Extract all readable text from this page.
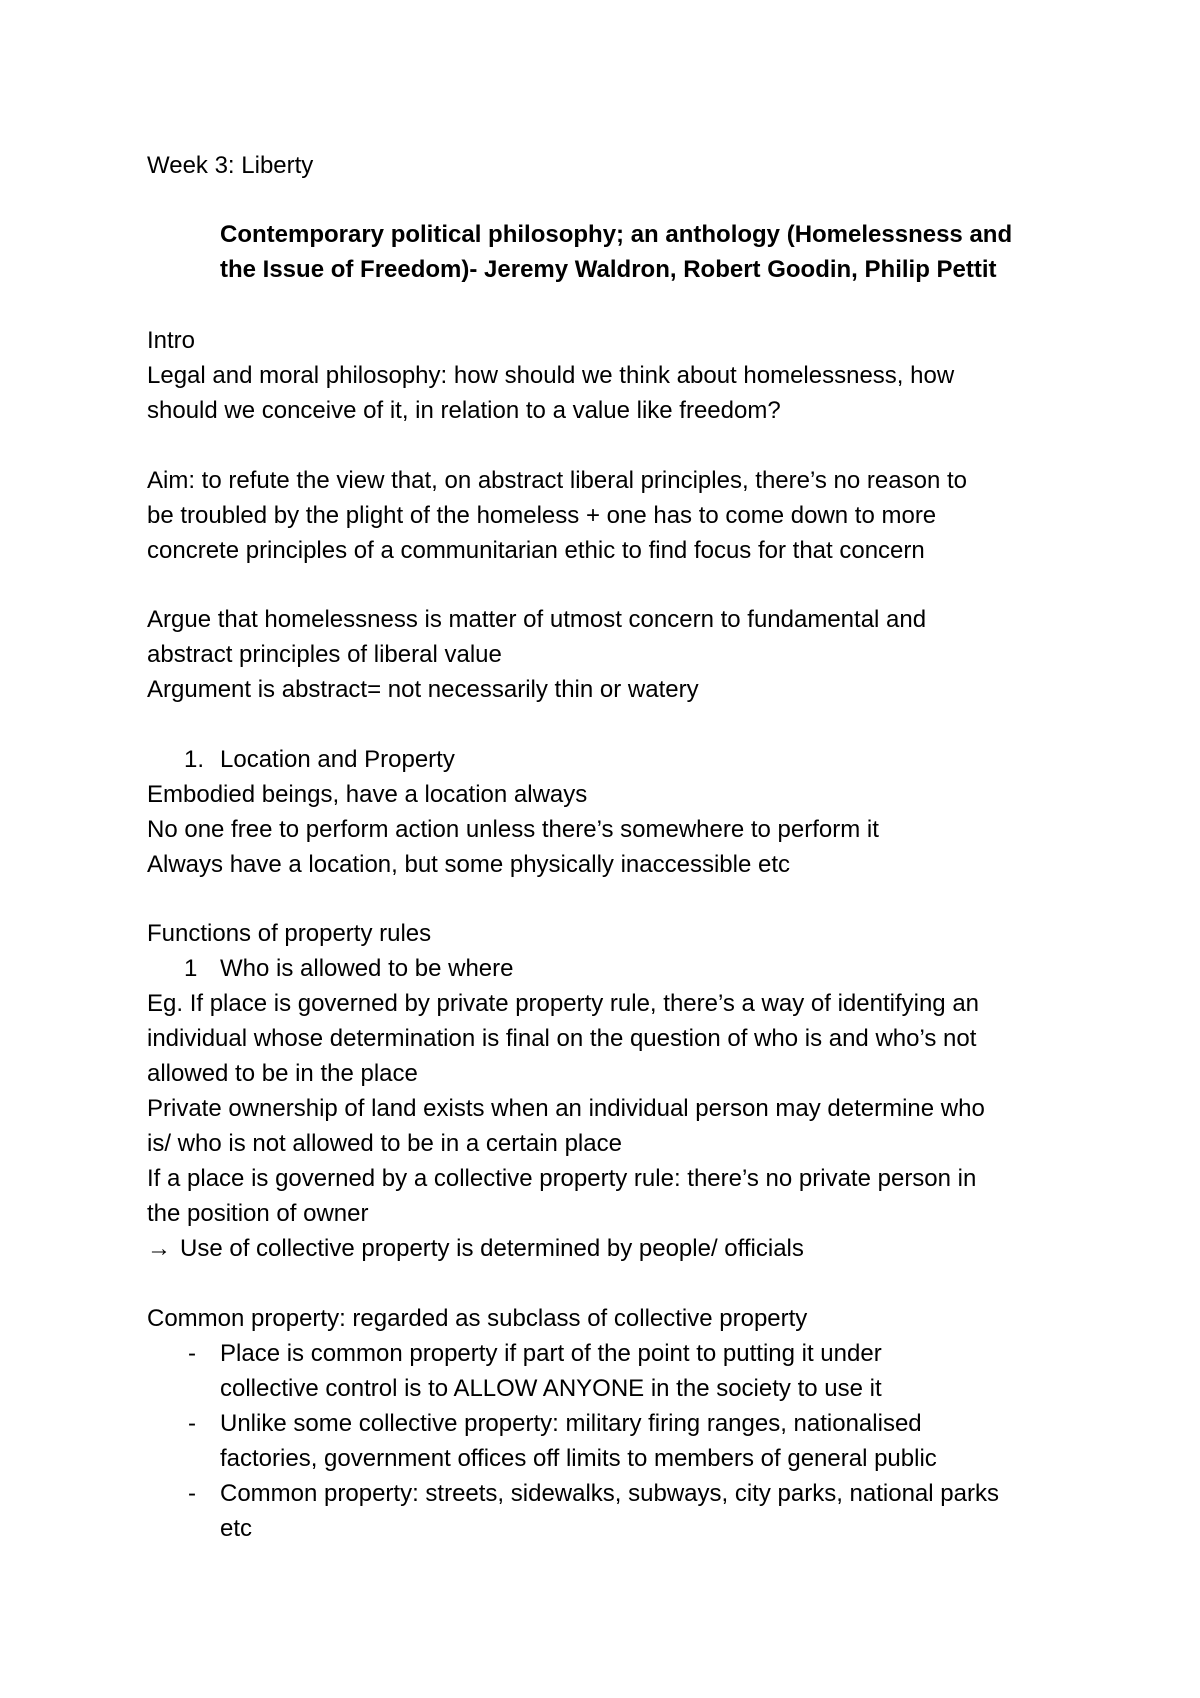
Week 3: Liberty
Contemporary political philosophy; an anthology (Homelessness and
the Issue of Freedom)- Jeremy Waldron, Robert Goodin, Philip Pettit
Intro
Legal and moral philosophy: how should we think about homelessness, how
should we conceive of it, in relation to a value like freedom?
Aim: to refute the view that, on abstract liberal principles, there’s no reason to
be troubled by the plight of the homeless + one has to come down to more
concrete principles of a communitarian ethic to find focus for that concern
Argue that homelessness is matter of utmost concern to fundamental and
abstract principles of liberal value
Argument is abstract= not necessarily thin or watery
1. Location and Property
Embodied beings, have a location always
No one free to perform action unless there’s somewhere to perform it
Always have a location, but some physically inaccessible etc
Functions of property rules
1 Who is allowed to be where
Eg. If place is governed by private property rule, there’s a way of identifying an
individual whose determination is final on the question of who is and who’s not
allowed to be in the place
Private ownership of land exists when an individual person may determine who
is/ who is not allowed to be in a certain place
If a place is governed by a collective property rule: there’s no private person in
the position of owner
→ Use of collective property is determined by people/ officials
Common property: regarded as subclass of collective property
- Place is common property if part of the point to putting it under
collective control is to ALLOW ANYONE in the society to use it
- Unlike some collective property: military firing ranges, nationalised
factories, government offices off limits to members of general public
- Common property: streets, sidewalks, subways, city parks, national parks
etc
